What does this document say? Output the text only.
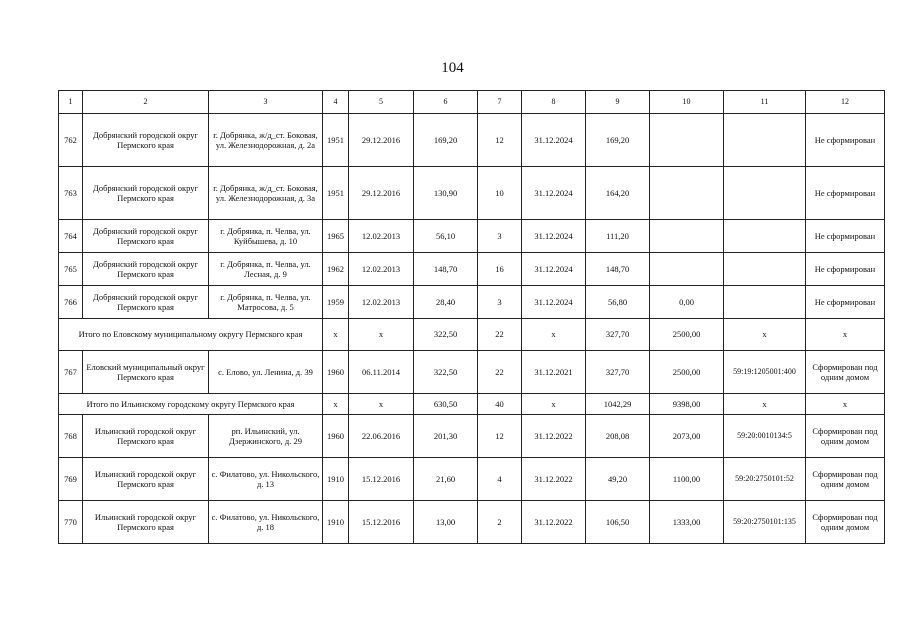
104
1	2	3	4	5	6	7	8	9	10	11	12
762	Добрянский городской округ Пермского края	г. Добрянка, ж/д_ст. Боковая, ул. Железнодорожная, д. 2а	1951	29.12.2016	169,20	12	31.12.2024	169,20			Не сформирован
763	Добрянский городской округ Пермского края	г. Добрянка, ж/д_ст. Боковая, ул. Железнодорожная, д. 3а	1951	29.12.2016	130,90	10	31.12.2024	164,20			Не сформирован
764	Добрянский городской округ Пермского края	г. Добрянка, п. Челва, ул. Куйбышева, д. 10	1965	12.02.2013	56,10	3	31.12.2024	111,20			Не сформирован
765	Добрянский городской округ Пермского края	г. Добрянка, п. Челва, ул. Лесная, д. 9	1962	12.02.2013	148,70	16	31.12.2024	148,70			Не сформирован
766	Добрянский городской округ Пермского края	г. Добрянка, п. Челва, ул. Матросова, д. 5	1959	12.02.2013	28,40	3	31.12.2024	56,80	0,00		Не сформирован
Итого по Еловскому муниципальному округу Пермского края			x	x	322,50	22	x	327,70	2500,00	x	x
767	Еловский муниципальный округ Пермского края	с. Елово, ул. Ленина, д. 39	1960	06.11.2014	322,50	22	31.12.2021	327,70	2500,00	59:19:1205001:400	Сформирован под одним домом
Итого по Ильинскому городскому округу Пермского края			x	x	630,50	40	x	1042,29	9398,00	x	x
768	Ильинский городской округ Пермского края	рп. Ильинский, ул. Дзержинского, д. 29	1960	22.06.2016	201,30	12	31.12.2022	208,08	2073,00	59:20:0010134:5	Сформирован под одним домом
769	Ильинский городской округ Пермского края	с. Филатово, ул. Никольского, д. 13	1910	15.12.2016	21,60	4	31.12.2022	49,20	1100,00	59:20:2750101:52	Сформирован под одним домом
770	Ильинский городской округ Пермского края	с. Филатово, ул. Никольского, д. 18	1910	15.12.2016	13,00	2	31.12.2022	106,50	1333,00	59:20:2750101:135	Сформирован под одним домом
